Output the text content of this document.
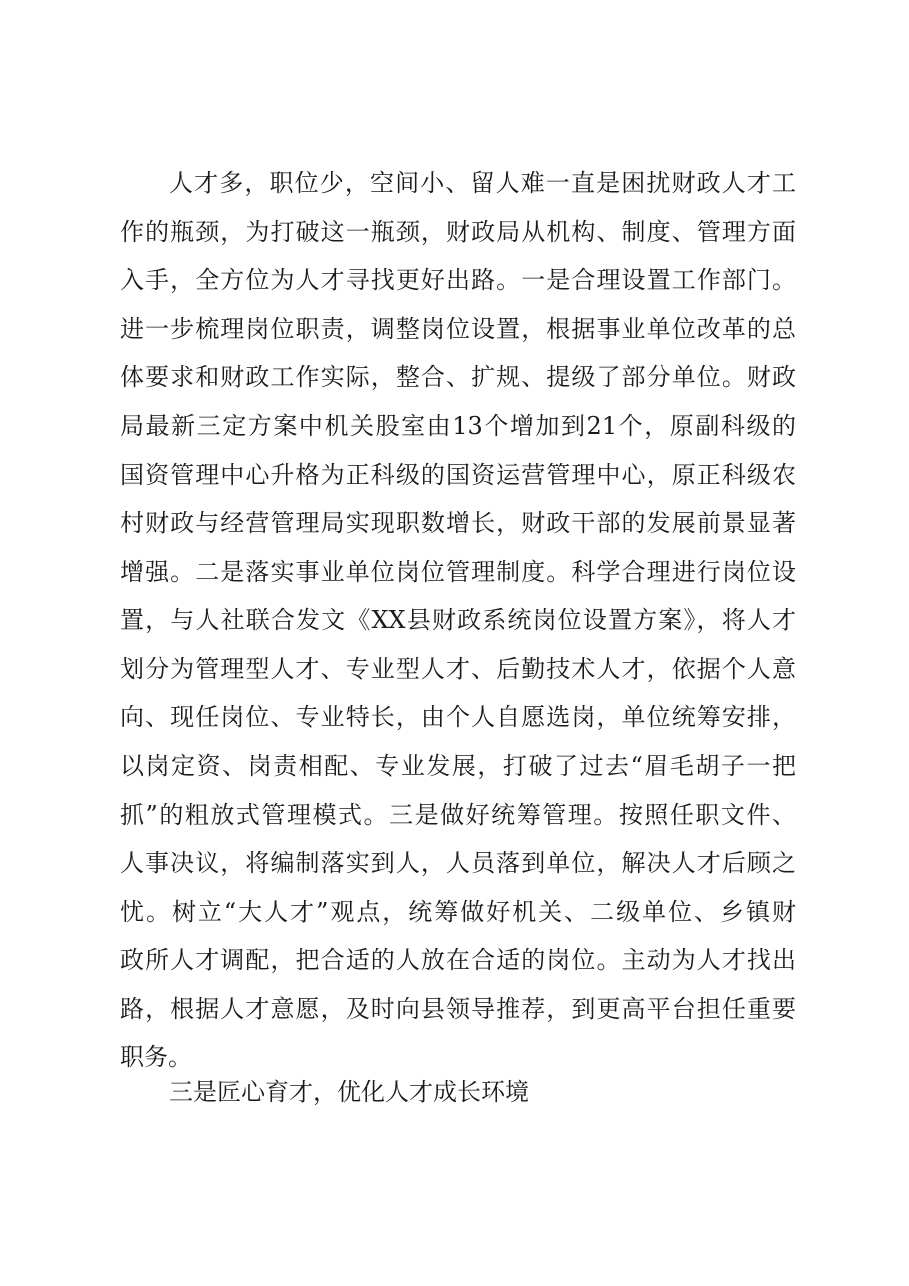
人才多，职位少，空间小、留人难一直是困扰财政人才工
作的瓶颈，为打破这一瓶颈，财政局从机构、制度、管理方面
入手，全方位为人才寻找更好出路。一是合理设置工作部门。
进一步梳理岗位职责，调整岗位设置，根据事业单位改革的总
体要求和财政工作实际，整合、扩规、提级了部分单位。财政
局最新三定方案中机关股室由13个增加到21个，原副科级的
国资管理中心升格为正科级的国资运营管理中心，原正科级农
村财政与经营管理局实现职数增长，财政干部的发展前景显著
增强。二是落实事业单位岗位管理制度。科学合理进行岗位设
置，与人社联合发文《XX县财政系统岗位设置方案》，将人才
划分为管理型人才、专业型人才、后勤技术人才，依据个人意
向、现任岗位、专业特长，由个人自愿选岗，单位统筹安排，
以岗定资、岗责相配、专业发展，打破了过去“眉毛胡子一把
抓”的粗放式管理模式。三是做好统筹管理。按照任职文件、
人事决议，将编制落实到人，人员落到单位，解决人才后顾之
忧。树立“大人才”观点，统筹做好机关、二级单位、乡镇财
政所人才调配，把合适的人放在合适的岗位。主动为人才找出
路，根据人才意愿，及时向县领导推荐，到更高平台担任重要
职务。
三是匠心育才，优化人才成长环境
